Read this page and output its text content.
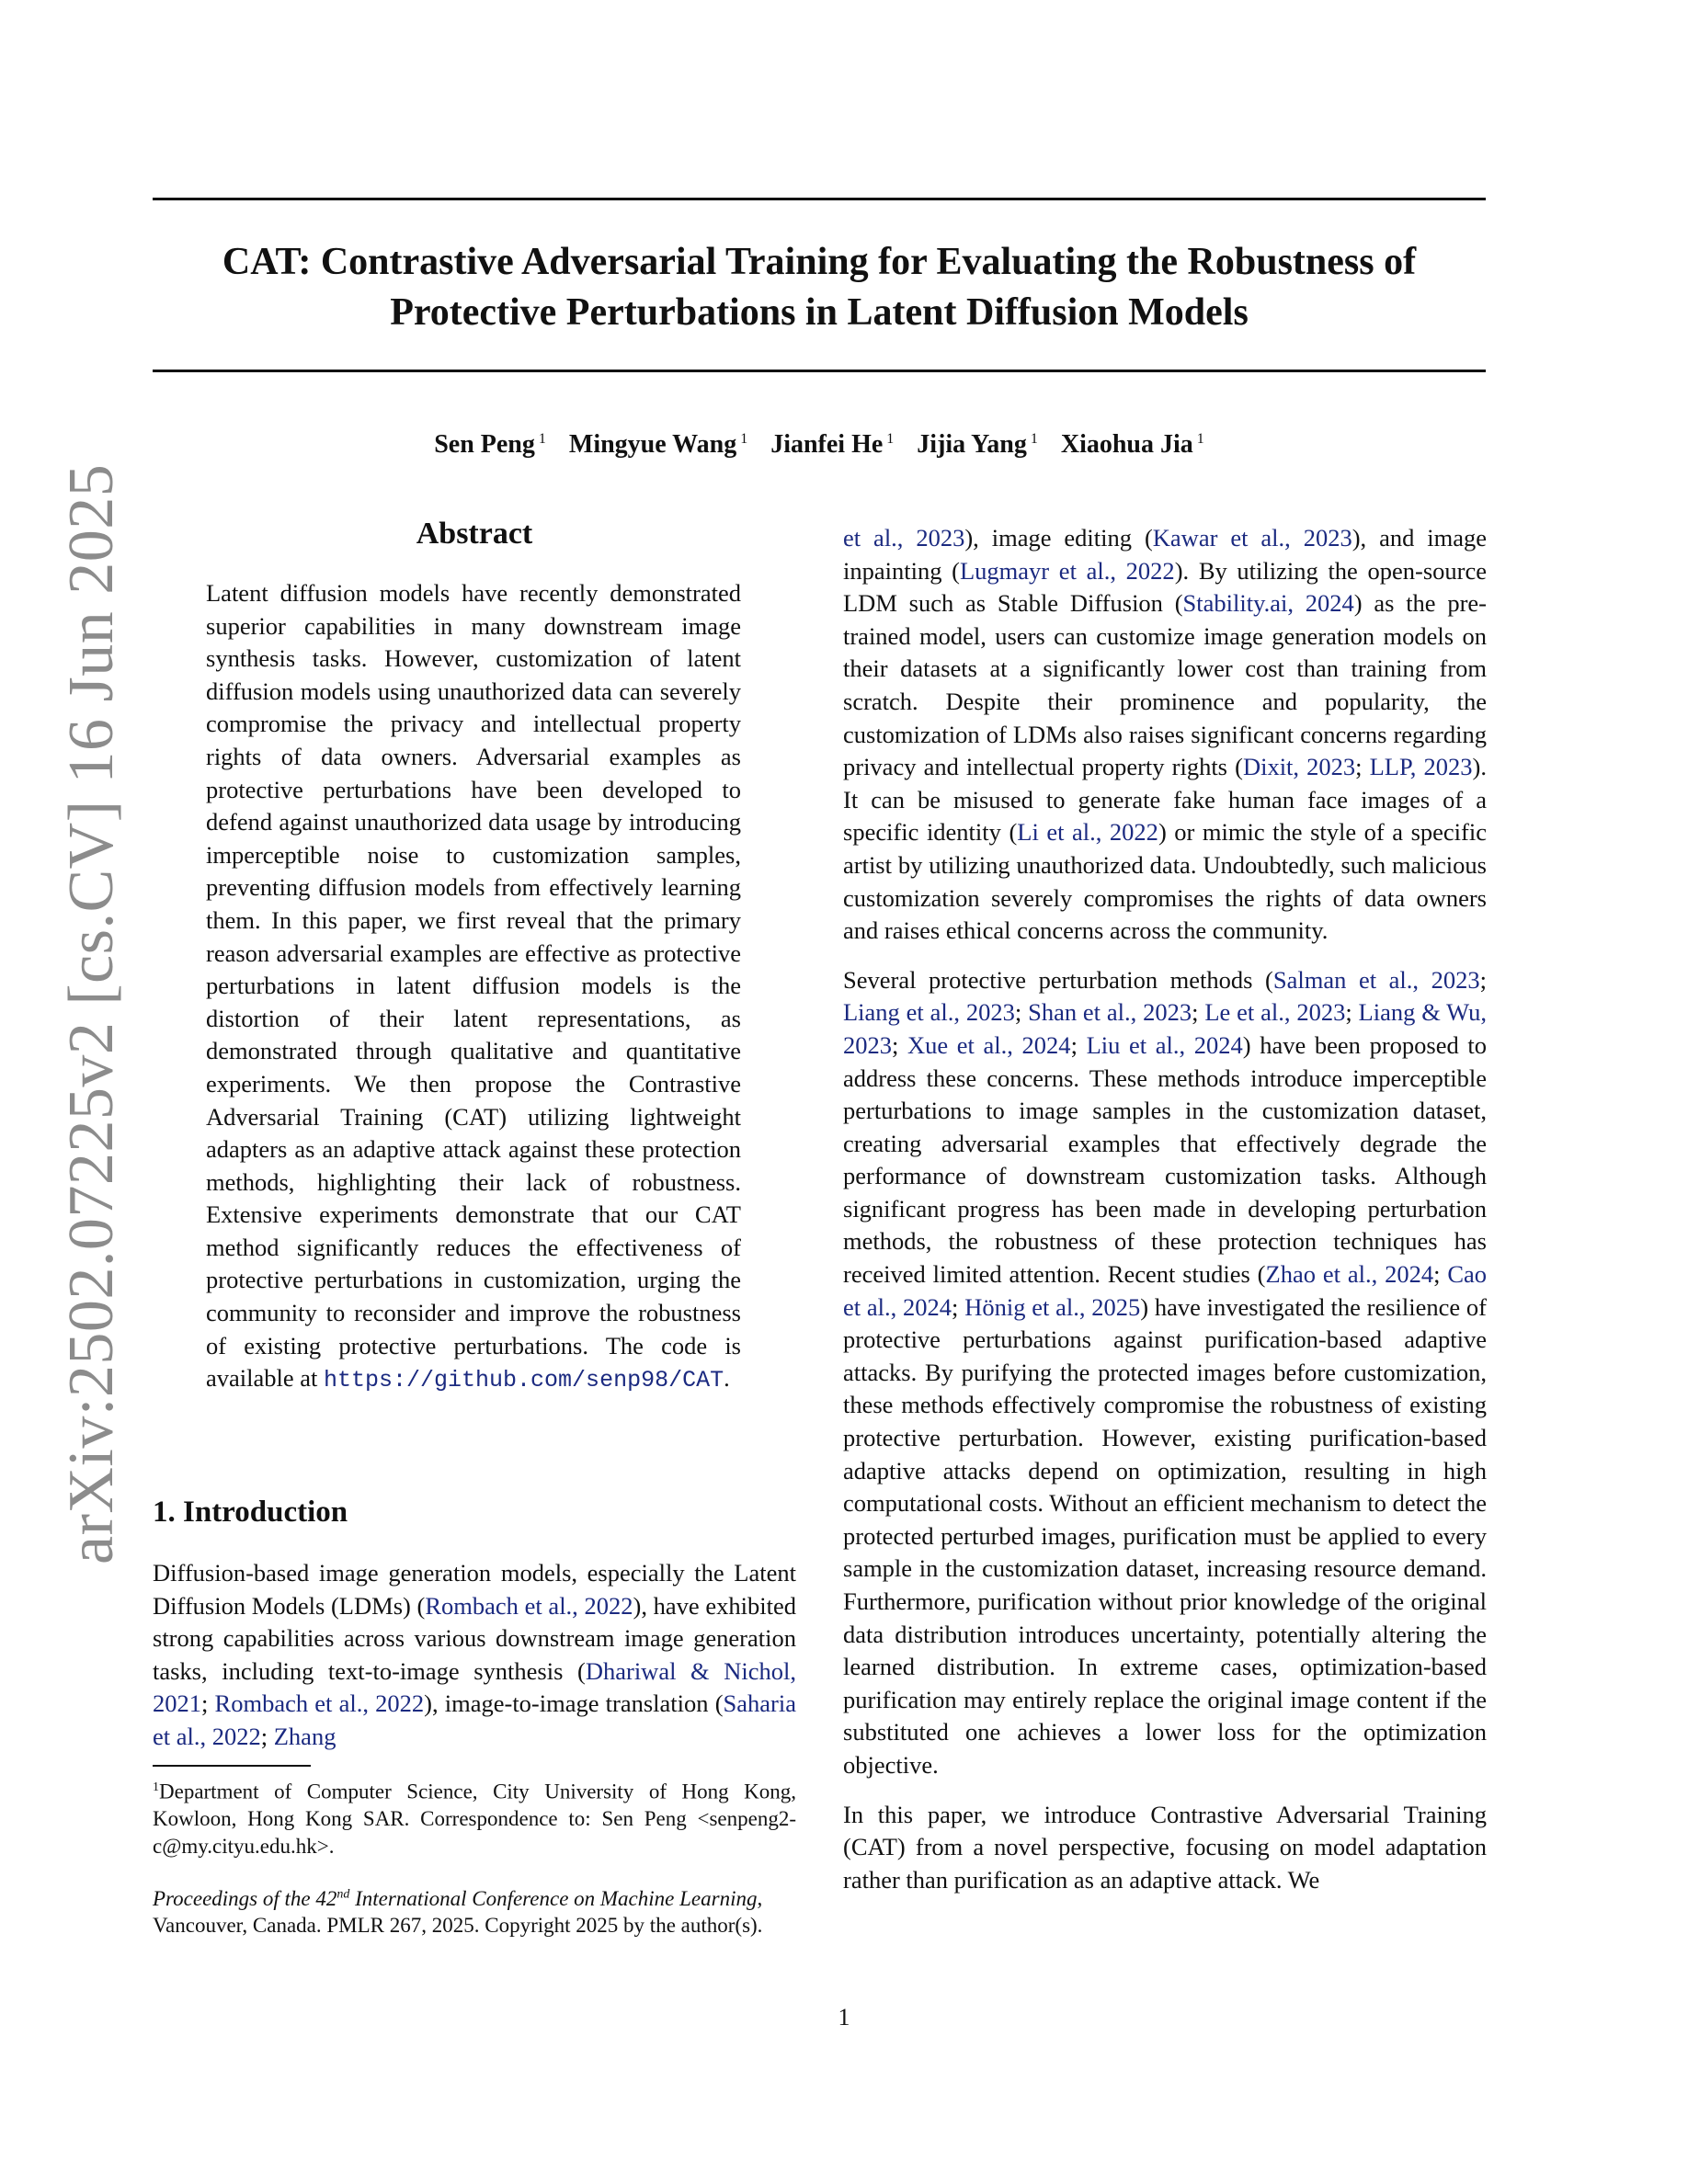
CAT: Contrastive Adversarial Training for Evaluating the Robustness of
Protective Perturbations in Latent Diffusion Models
Sen Peng $^1$ Mingyue Wang $^1$ Jianfei He $^1$ Jijia Yang $^1$ Xiaohua Jia $^1$
arXiv:2502.07225v2 [cs.CV] 16 Jun 2025	Abstract
Latent diffusion models have recently demonstrated superior capabilities in many downstream image synthesis tasks. However, customization of latent diffusion models using unauthorized data can severely compromise the privacy and intellectual property rights of data owners. Adversarial examples as protective perturbations have been developed to defend against unauthorized data usage by introducing imperceptible noise to customization samples, preventing diffusion models from effectively learning them. In this paper, we first reveal that the primary reason adversarial examples are effective as protective perturbations in latent diffusion models is the distortion of their latent representations, as demonstrated through qualitative and quantitative experiments. We then propose the Contrastive Adversarial Training (CAT) utilizing lightweight adapters as an adaptive attack against these protection methods, highlighting their lack of robustness. Extensive experiments demonstrate that our CAT method significantly reduces the effectiveness of protective perturbations in customization, urging the community to reconsider and improve the robustness of existing protective perturbations. The code is available at https://github.com/senp98/CAT.
1. Introduction
Diffusion-based image generation models, especially the Latent Diffusion Models (LDMs) (Rombach et al., 2022), have exhibited strong capabilities across various downstream image generation tasks, including text-to-image synthesis (Dhariwal & Nichol, 2021; Rombach et al., 2022), image-to-image translation (Saharia et al., 2022; Zhang
$^1$Department of Computer Science, City University of Hong Kong, Kowloon, Hong Kong SAR. Correspondence to: Sen Peng <senpeng2-c@my.cityu.edu.hk>.
Proceedings of the 42nd International Conference on Machine Learning, Vancouver, Canada. PMLR 267, 2025. Copyright 2025 by the author(s).

et al., 2023), image editing (Kawar et al., 2023), and image inpainting (Lugmayr et al., 2022). By utilizing the open-source LDM such as Stable Diffusion (Stability.ai, 2024) as the pre-trained model, users can customize image generation models on their datasets at a significantly lower cost than training from scratch. Despite their prominence and popularity, the customization of LDMs also raises significant concerns regarding privacy and intellectual property rights (Dixit, 2023; LLP, 2023). It can be misused to generate fake human face images of a specific identity (Li et al., 2022) or mimic the style of a specific artist by utilizing unauthorized data. Undoubtedly, such malicious customization severely compromises the rights of data owners and raises ethical concerns across the community.

Several protective perturbation methods (Salman et al., 2023; Liang et al., 2023; Shan et al., 2023; Le et al., 2023; Liang & Wu, 2023; Xue et al., 2024; Liu et al., 2024) have been proposed to address these concerns. These methods introduce imperceptible perturbations to image samples in the customization dataset, creating adversarial examples that effectively degrade the performance of downstream customization tasks. Although significant progress has been made in developing perturbation methods, the robustness of these protection techniques has received limited attention. Recent studies (Zhao et al., 2024; Cao et al., 2024; Hönig et al., 2025) have investigated the resilience of protective perturbations against purification-based adaptive attacks. By purifying the protected images before customization, these methods effectively compromise the robustness of existing protective perturbation. However, existing purification-based adaptive attacks depend on optimization, resulting in high computational costs. Without an efficient mechanism to detect the protected perturbed images, purification must be applied to every sample in the customization dataset, increasing resource demand. Furthermore, purification without prior knowledge of the original data distribution introduces uncertainty, potentially altering the learned distribution. In extreme cases, optimization-based purification may entirely replace the original image content if the substituted one achieves a lower loss for the optimization objective.

In this paper, we introduce Contrastive Adversarial Training (CAT) from a novel perspective, focusing on model adaptation rather than purification as an adaptive attack. We

1
